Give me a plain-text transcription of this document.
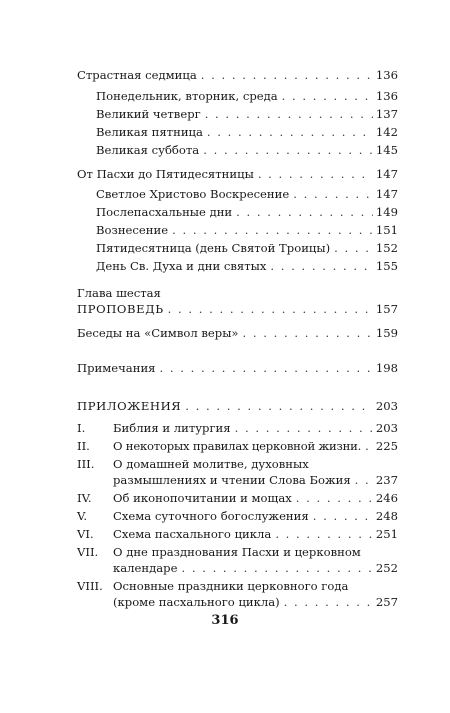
Страстная седмица . . .	136
Понедельник, вторник, среда . . .	136
Великий четверг . . .	137
Великая пятница . . .	142
Великая суббота . . .	145
От Пасхи до Пятидесятницы . . .	147
Светлое Христово Воскресение . . .	147
Послепасхальные дни . . .	149
Вознесение . . .	151
Пятидесятница (день Святой Троицы) . . .	152
День Св. Духа и дни святых . . .	155
Глава шестая
ПРОПОВЕДЬ . . .	157
Беседы на «Символ веры» . . .	159
Примечания . . .	198
ПРИЛОЖЕНИЯ . . .	203
I. Библия и литургия . . .	203
II. О некоторых правилах церковной жизни. . . . 225
III. О домашней молитве, духовных
размышлениях и чтении Слова Божия . . . 237
IV. Об иконопочитании и мощах . . .	246
V. Схема суточного богослужения . . .	248
VI. Схема пасхального цикла . . .	251
VII. О дне празднования Пасхи и церковном
календаре . . .	252
VIII. Основные праздники церковного года
(кроме пасхального цикла) . . .	257
316
